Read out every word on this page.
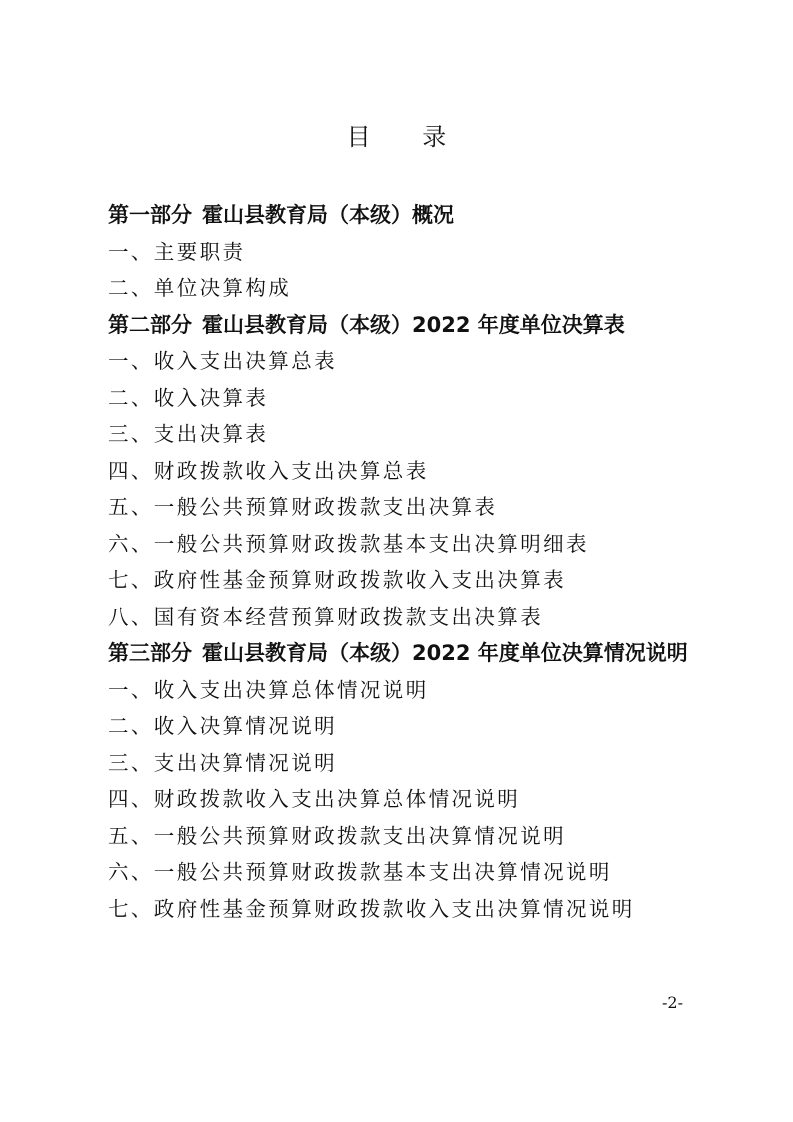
目 录
第一部分 霍山县教育局（本级）概况
一、主要职责
二、单位决算构成
第二部分 霍山县教育局（本级）2022 年度单位决算表
一、收入支出决算总表
二、收入决算表
三、支出决算表
四、财政拨款收入支出决算总表
五、一般公共预算财政拨款支出决算表
六、一般公共预算财政拨款基本支出决算明细表
七、政府性基金预算财政拨款收入支出决算表
八、国有资本经营预算财政拨款支出决算表
第三部分 霍山县教育局（本级）2022 年度单位决算情况说明
一、收入支出决算总体情况说明
二、收入决算情况说明
三、支出决算情况说明
四、财政拨款收入支出决算总体情况说明
五、一般公共预算财政拨款支出决算情况说明
六、一般公共预算财政拨款基本支出决算情况说明
七、政府性基金预算财政拨款收入支出决算情况说明
-2-
